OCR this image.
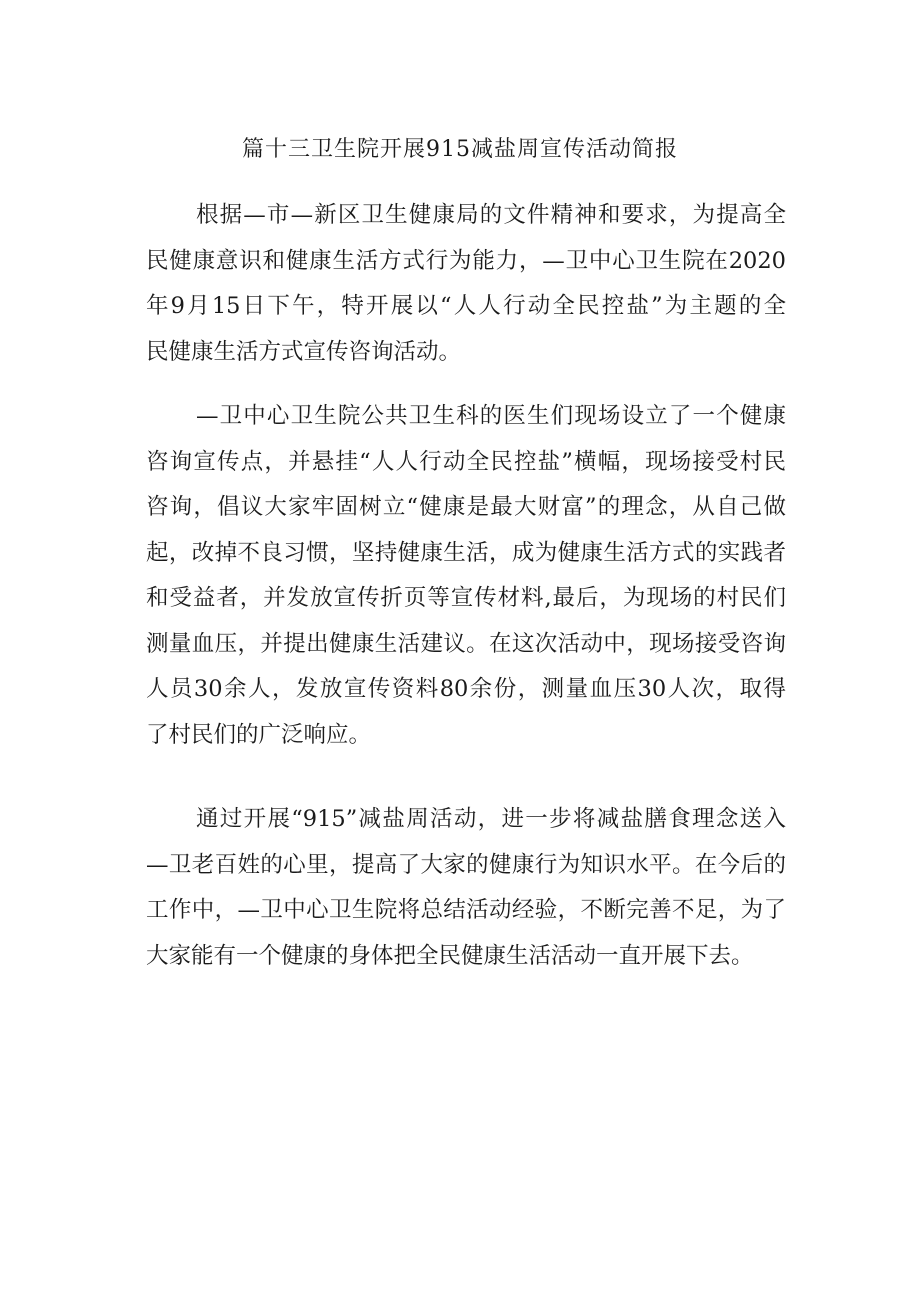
篇十三卫生院开展915减盐周宣传活动简报
根据—市—新区卫生健康局的文件精神和要求，为提高全
民健康意识和健康生活方式行为能力，—卫中心卫生院在2020
年9月15日下午，特开展以“人人行动全民控盐”为主题的全
民健康生活方式宣传咨询活动。
—卫中心卫生院公共卫生科的医生们现场设立了一个健康
咨询宣传点，并悬挂“人人行动全民控盐”横幅，现场接受村民
咨询，倡议大家牢固树立“健康是最大财富”的理念，从自己做
起，改掉不良习惯，坚持健康生活，成为健康生活方式的实践者
和受益者，并发放宣传折页等宣传材料,最后，为现场的村民们
测量血压，并提出健康生活建议。在这次活动中，现场接受咨询
人员30余人，发放宣传资料80余份，测量血压30人次，取得
了村民们的广泛响应。
通过开展“915”减盐周活动，进一步将减盐膳食理念送入
—卫老百姓的心里，提高了大家的健康行为知识水平。在今后的
工作中，—卫中心卫生院将总结活动经验，不断完善不足，为了
大家能有一个健康的身体把全民健康生活活动一直开展下去。
